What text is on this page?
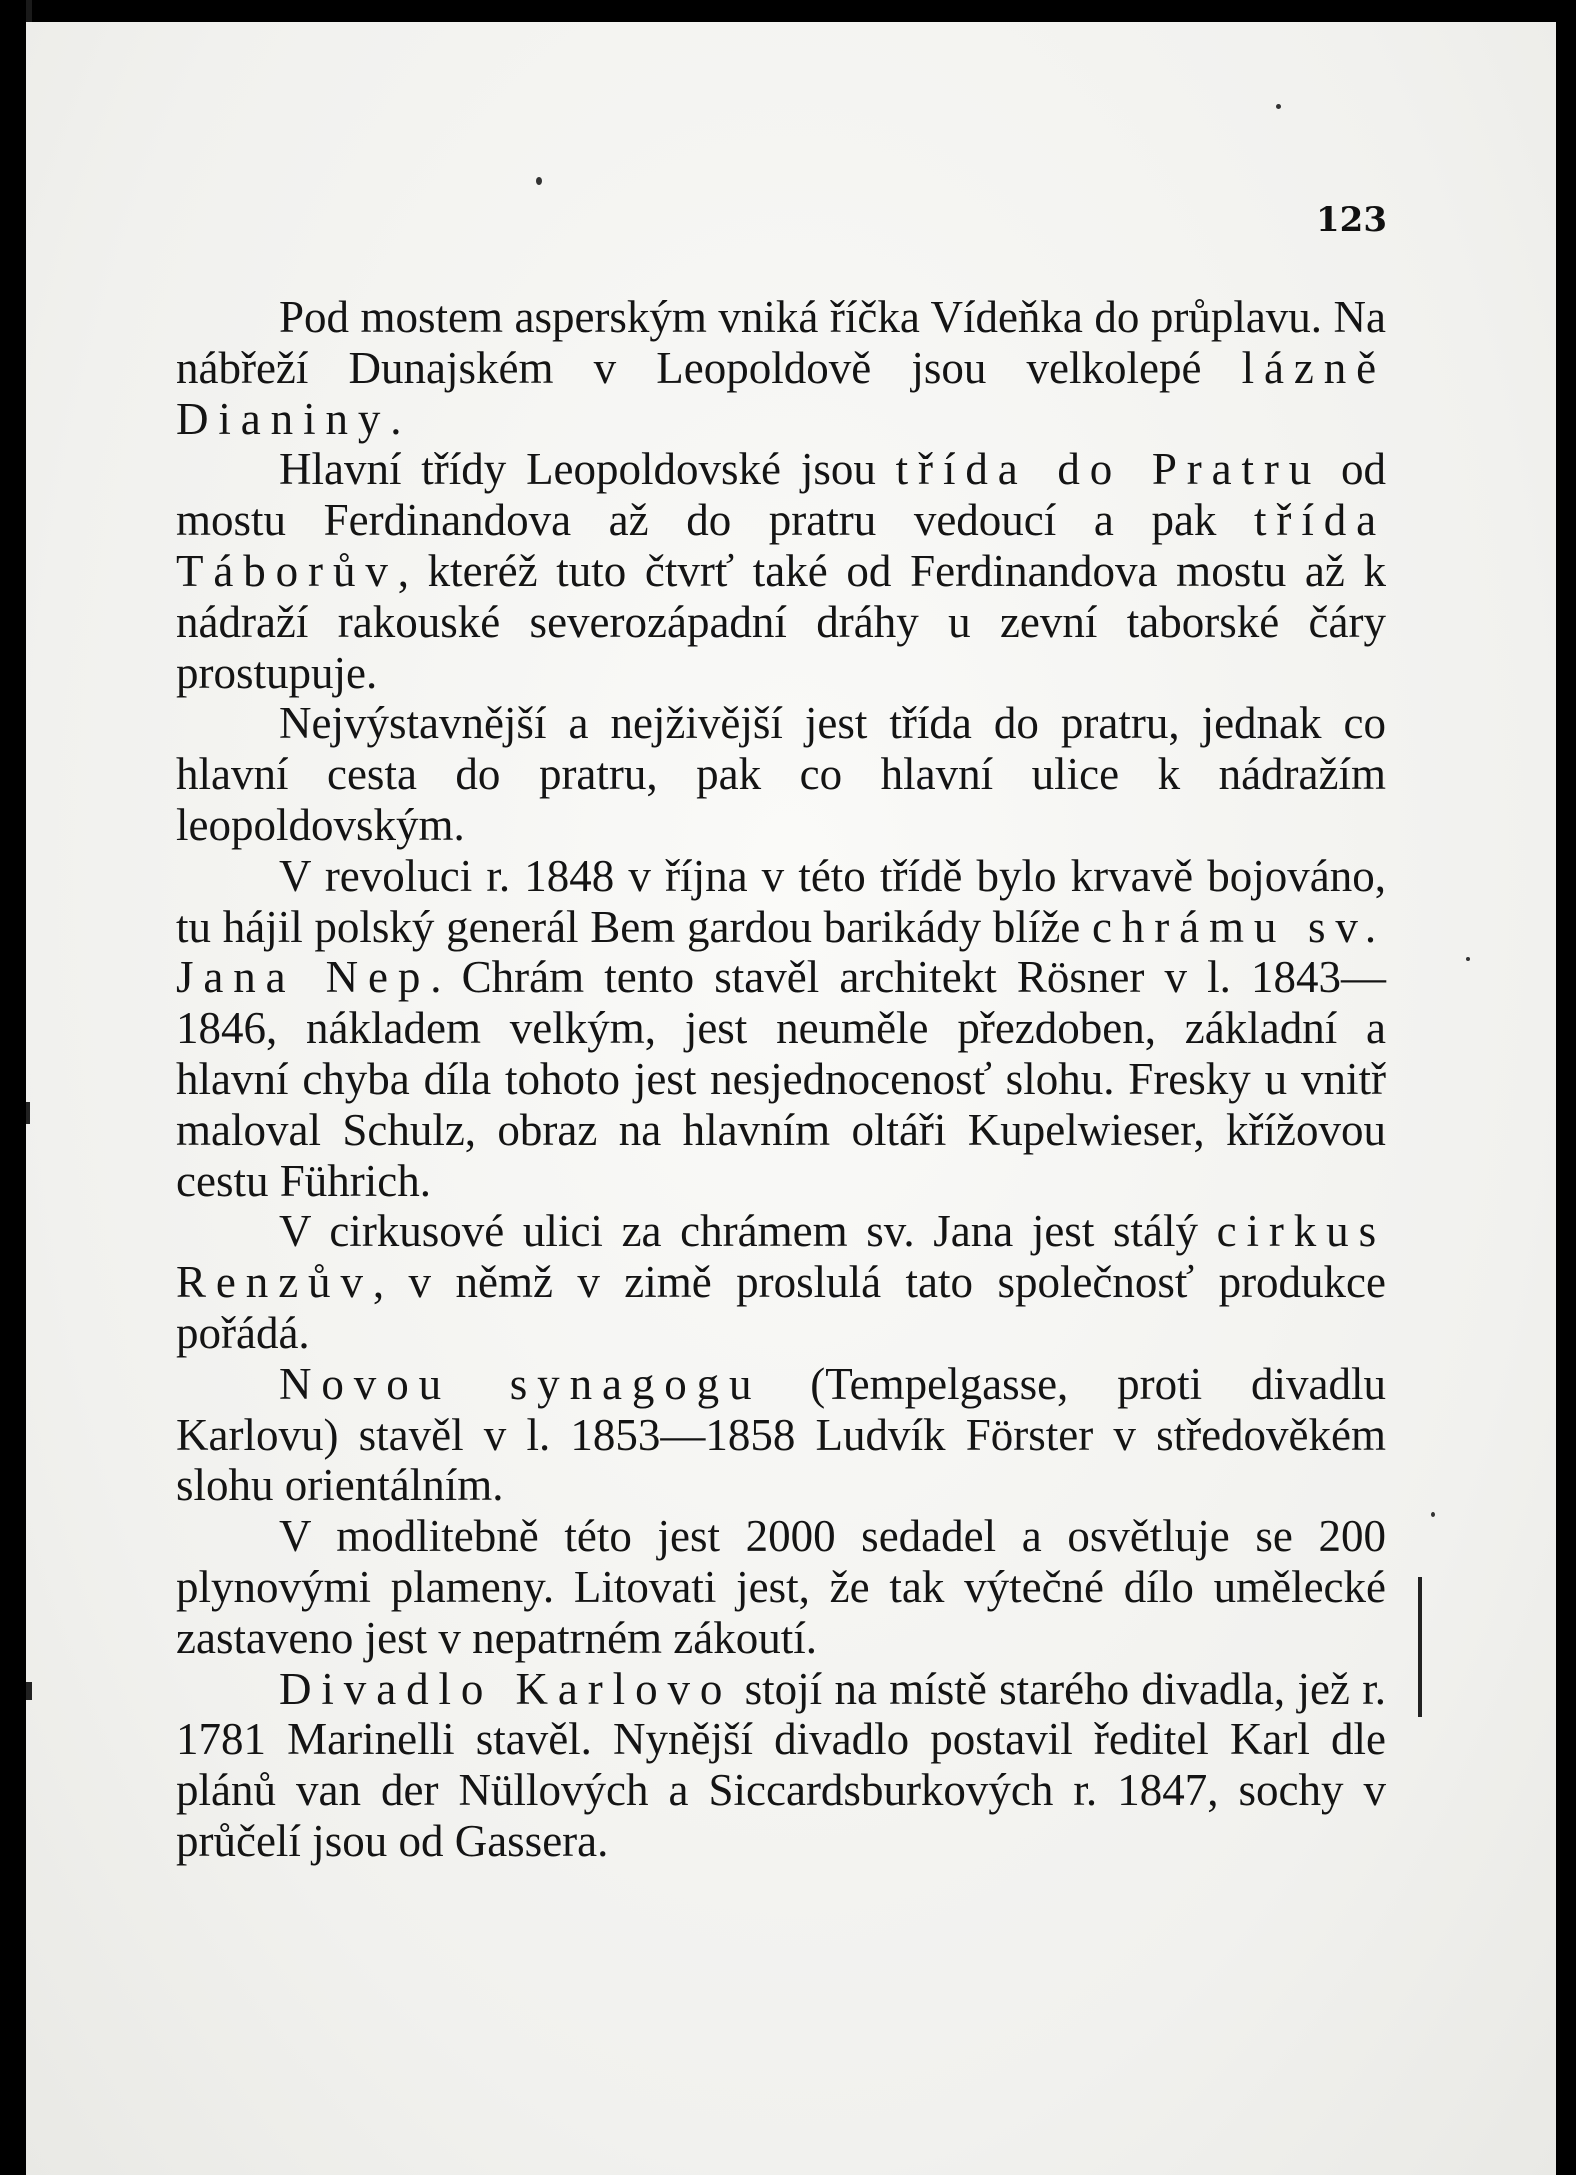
123

Pod mostem asperským vniká říčka Vídeňka do průplavu. Na nábřeží Dunajském v Leopoldově jsou velkolepé lázně Dianiny.

Hlavní třídy Leopoldovské jsou třída do Pratru od mostu Ferdinandova až do pratru vedoucí a pak třída Táborův, kteréž tuto čtvrť také od Ferdinandova mostu až k nádraží rakouské severozápadní dráhy u zevní taborské čáry prostupuje.

Nejvýstavnější a nejživější jest třída do pratru, jednak co hlavní cesta do pratru, pak co hlavní ulice k nádražím leopoldovským.

V revoluci r. 1848 v října v této třídě bylo krvavě bojováno, tu hájil polský generál Bem gardou barikády blíže chrámu sv. Jana Nep. Chrám tento stavěl architekt Rösner v l. 1843—1846, nákladem velkým, jest neuměle přezdoben, základní a hlavní chyba díla tohoto jest nesjednocenosť slohu. Fresky u vnitř maloval Schulz, obraz na hlavním oltáři Kupelwieser, křížovou cestu Führich.

V cirkusové ulici za chrámem sv. Jana jest stálý cirkus Renzův, v němž v zimě proslulá tato společnosť produkce pořádá.

Novou synagogu (Tempelgasse, proti divadlu Karlovu) stavěl v l. 1853—1858 Ludvík Förster v středověkém slohu orientálním.

V modlitebně této jest 2000 sedadel a osvětluje se 200 plynovými plameny. Litovati jest, že tak výtečné dílo umělecké zastaveno jest v nepatrném zákoutí.

Divadlo Karlovo stojí na místě starého divadla, jež r. 1781 Marinelli stavěl. Nynější divadlo postavil ředitel Karl dle plánů van der Nüllových a Siccardsburkových r. 1847, sochy v průčelí jsou od Gassera.
